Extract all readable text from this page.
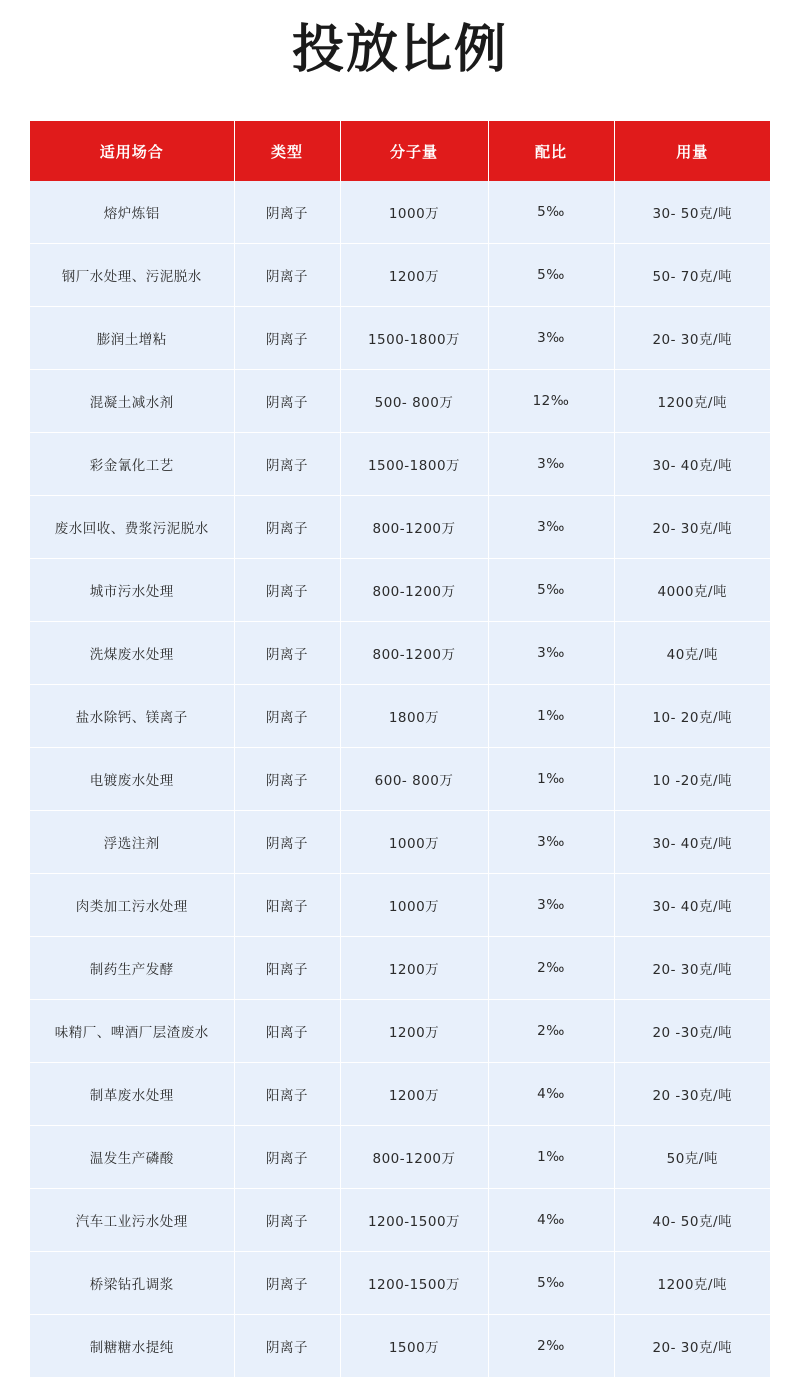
投放比例
适用场合	类型	分子量	配比	用量
熔炉炼铝	阴离子	1000万	5‰	30- 50克/吨
钢厂水处理、污泥脱水	阴离子	1200万	5‰	50- 70克/吨
膨润土增粘	阴离子	1500-1800万	3‰	20- 30克/吨
混凝土减水剂	阴离子	500- 800万	12‰	1200克/吨
彩金氰化工艺	阴离子	1500-1800万	3‰	30- 40克/吨
废水回收、费浆污泥脱水	阴离子	800-1200万	3‰	20- 30克/吨
城市污水处理	阴离子	800-1200万	5‰	4000克/吨
洗煤废水处理	阴离子	800-1200万	3‰	40克/吨
盐水除钙、镁离子	阴离子	1800万	1‰	10- 20克/吨
电镀废水处理	阴离子	600- 800万	1‰	10 -20克/吨
浮选注剂	阴离子	1000万	3‰	30- 40克/吨
肉类加工污水处理	阳离子	1000万	3‰	30- 40克/吨
制药生产发酵	阳离子	1200万	2‰	20- 30克/吨
味精厂、啤酒厂层渣废水	阳离子	1200万	2‰	20 -30克/吨
制革废水处理	阳离子	1200万	4‰	20 -30克/吨
温发生产磷酸	阴离子	800-1200万	1‰	50克/吨
汽车工业污水处理	阴离子	1200-1500万	4‰	40- 50克/吨
桥梁钻孔调浆	阴离子	1200-1500万	5‰	1200克/吨
制糖糖水提纯	阴离子	1500万	2‰	20- 30克/吨
